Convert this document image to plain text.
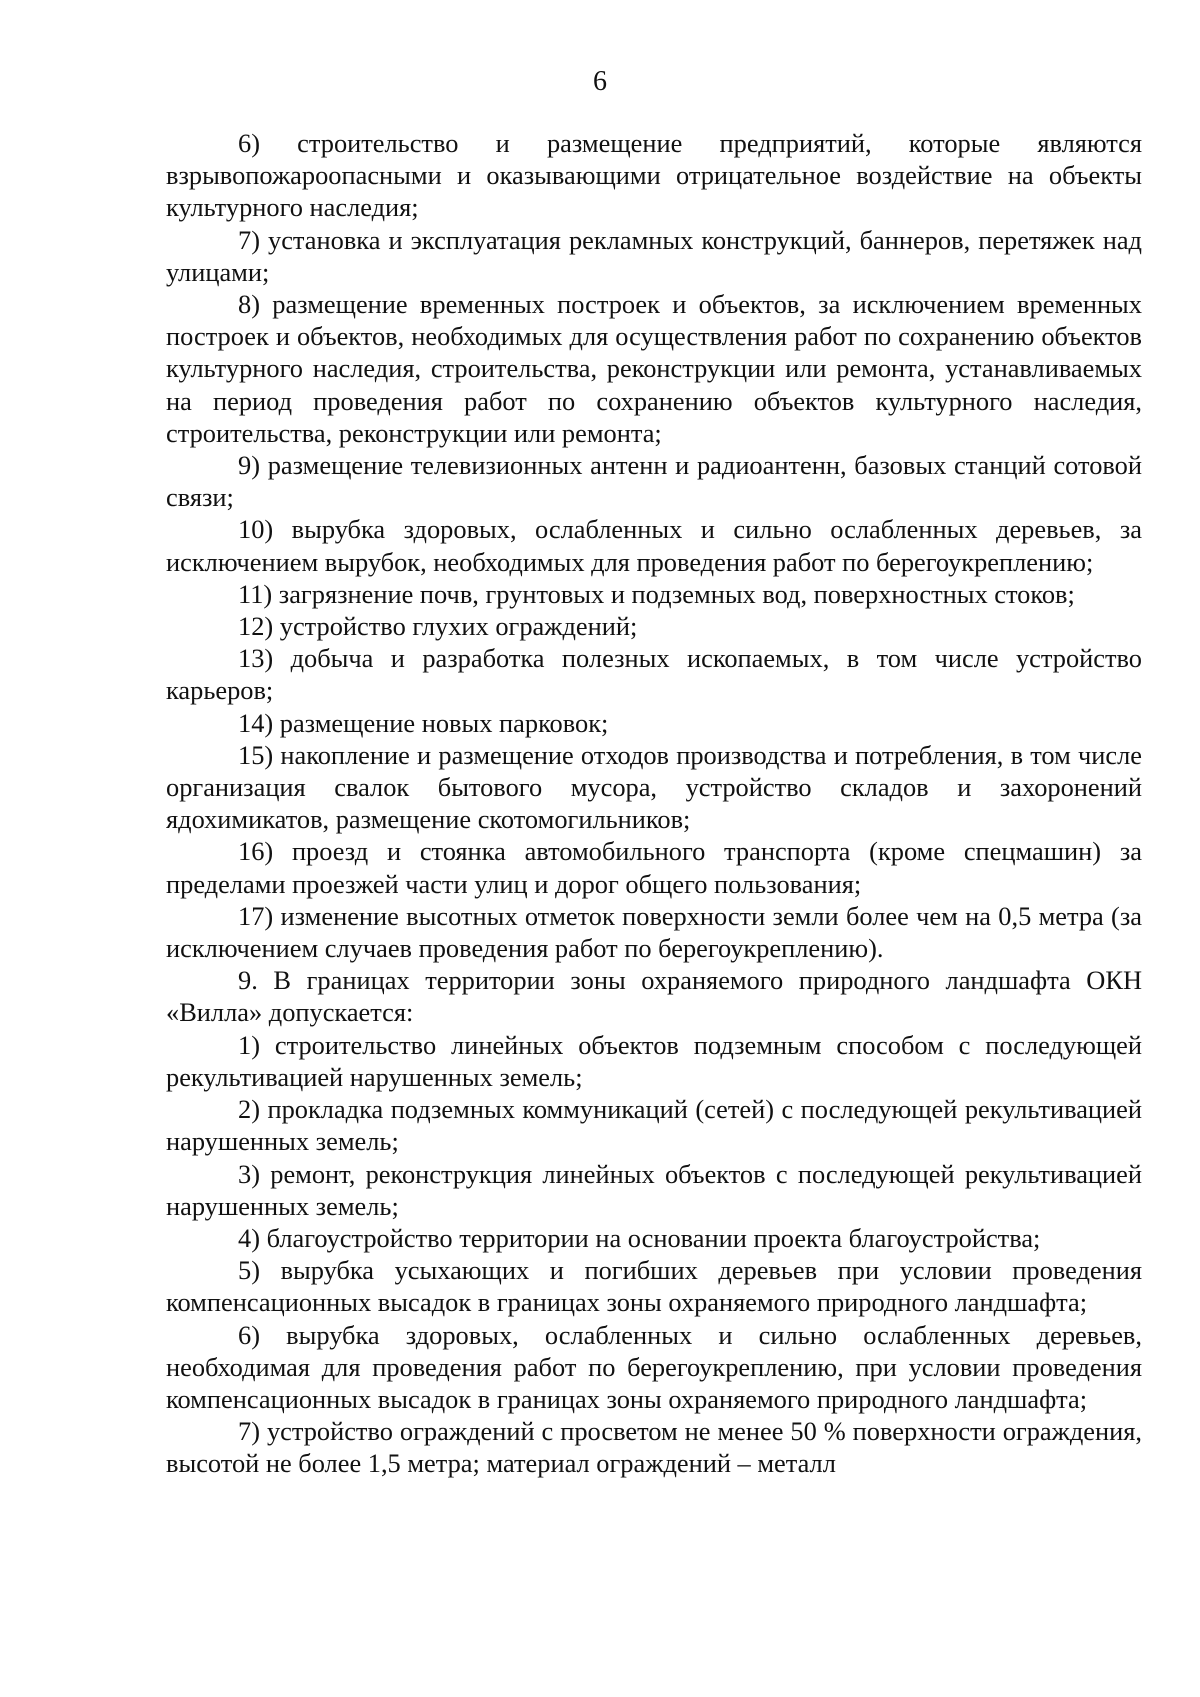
6

6) строительство и размещение предприятий, которые являются взрывопожароопасными и оказывающими отрицательное воздействие на объекты культурного наследия;

7) установка и эксплуатация рекламных конструкций, баннеров, перетяжек над улицами;

8) размещение временных построек и объектов, за исключением временных построек и объектов, необходимых для осуществления работ по сохранению объектов культурного наследия, строительства, реконструкции или ремонта, устанавливаемых на период проведения работ по сохранению объектов культурного наследия, строительства, реконструкции или ремонта;

9) размещение телевизионных антенн и радиоантенн, базовых станций сотовой связи;

10) вырубка здоровых, ослабленных и сильно ослабленных деревьев, за исключением вырубок, необходимых для проведения работ по берегоукреплению;

11) загрязнение почв, грунтовых и подземных вод, поверхностных стоков;

12) устройство глухих ограждений;

13) добыча и разработка полезных ископаемых, в том числе устройство карьеров;

14) размещение новых парковок;

15) накопление и размещение отходов производства и потребления, в том числе организация свалок бытового мусора, устройство складов и захоронений ядохимикатов, размещение скотомогильников;

16) проезд и стоянка автомобильного транспорта (кроме спецмашин) за пределами проезжей части улиц и дорог общего пользования;

17) изменение высотных отметок поверхности земли более чем на 0,5 метра (за исключением случаев проведения работ по берегоукреплению).

9. В границах территории зоны охраняемого природного ландшафта ОКН «Вилла» допускается:

1) строительство линейных объектов подземным способом с последующей рекультивацией нарушенных земель;

2) прокладка подземных коммуникаций (сетей) с последующей рекультивацией нарушенных земель;

3) ремонт, реконструкция линейных объектов с последующей рекультивацией нарушенных земель;

4) благоустройство территории на основании проекта благоустройства;

5) вырубка усыхающих и погибших деревьев при условии проведения компенсационных высадок в границах зоны охраняемого природного ландшафта;

6) вырубка здоровых, ослабленных и сильно ослабленных деревьев, необходимая для проведения работ по берегоукреплению, при условии проведения компенсационных высадок в границах зоны охраняемого природного ландшафта;

7) устройство ограждений с просветом не менее 50 % поверхности ограждения, высотой не более 1,5 метра; материал ограждений – металл
